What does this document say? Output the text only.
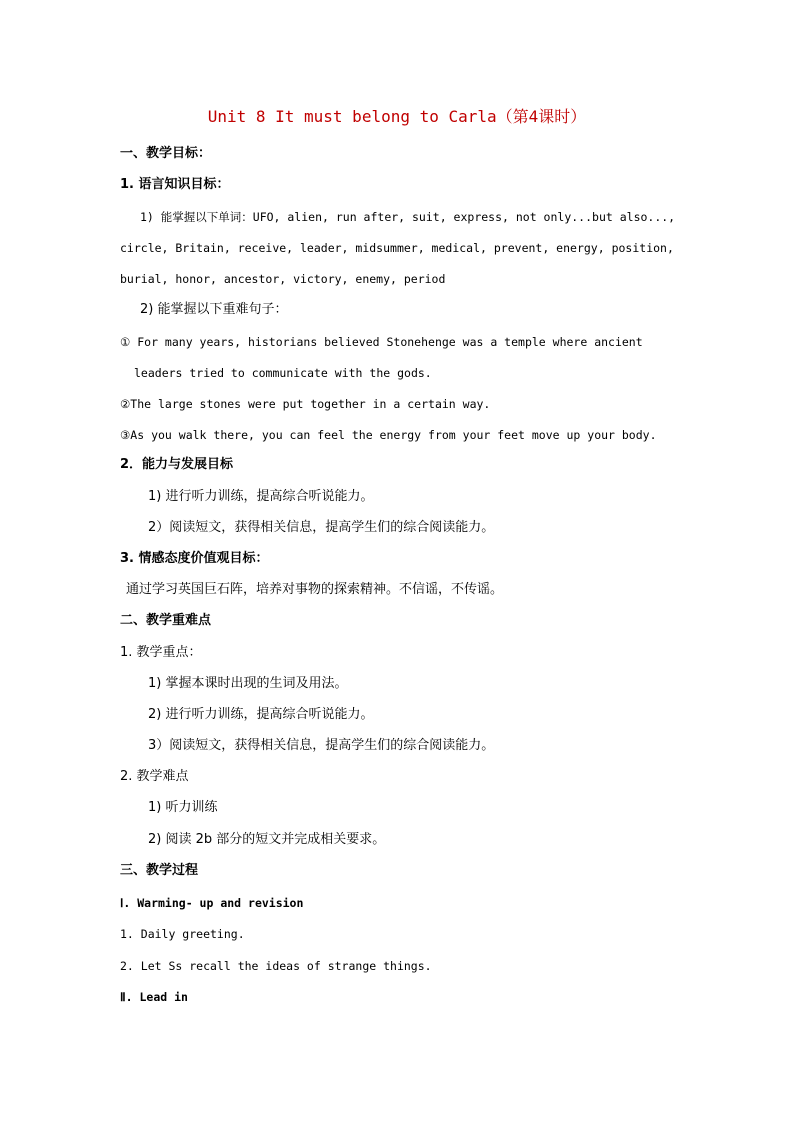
Unit 8 It must belong to Carla（第4课时）
一、教学目标：
1. 语言知识目标：
1) 能掌握以下单词：UFO, alien, run after, suit, express, not only...but also...,
circle, Britain, receive, leader, midsummer, medical, prevent, energy, position,
burial, honor, ancestor, victory, enemy, period
2) 能掌握以下重难句子：
① For many years, historians believed Stonehenge was a temple where ancient
leaders tried to communicate with the gods.
②The large stones were put together in a certain way.
③As you walk there, you can feel the energy from your feet move up your body.
2．能力与发展目标
1) 进行听力训练，提高综合听说能力。
2）阅读短文，获得相关信息，提高学生们的综合阅读能力。
3. 情感态度价值观目标：
通过学习英国巨石阵，培养对事物的探索精神。不信谣，不传谣。
二、教学重难点
1. 教学重点：
1) 掌握本课时出现的生词及用法。
2) 进行听力训练，提高综合听说能力。
3）阅读短文，获得相关信息，提高学生们的综合阅读能力。
2. 教学难点
1) 听力训练
2) 阅读 2b 部分的短文并完成相关要求。
三、教学过程
Ⅰ. Warming- up and revision
1. Daily greeting.
2. Let Ss recall the ideas of strange things.
Ⅱ. Lead in
